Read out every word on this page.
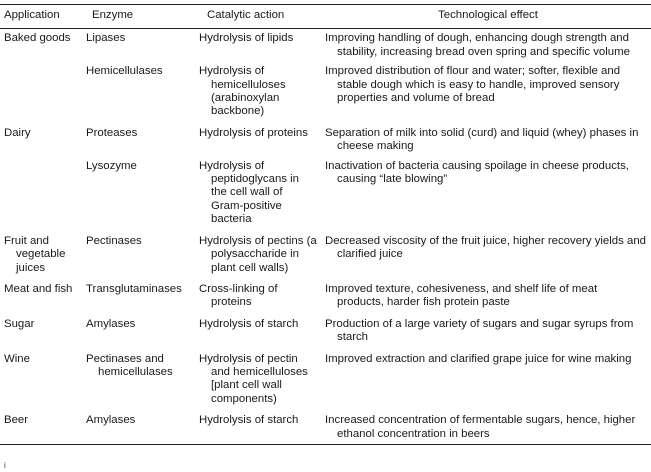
Application	Enzyme	Catalytic action	Technological effect

Baked goods	Lipases	Hydrolysis of lipids	Improving handling of dough, enhancing dough strength and stability, increasing bread oven spring and specific volume

	Hemicellulases	Hydrolysis of hemicelluloses (arabinoxylan backbone)	Improved distribution of flour and water; softer, flexible and stable dough which is easy to handle, improved sensory properties and volume of bread

Dairy	Proteases	Hydrolysis of proteins	Separation of milk into solid (curd) and liquid (whey) phases in cheese making

	Lysozyme	Hydrolysis of peptidoglycans in the cell wall of Gram-positive bacteria	Inactivation of bacteria causing spoilage in cheese products, causing “late blowing”

Fruit and vegetable juices	Pectinases	Hydrolysis of pectins (a polysaccharide in plant cell walls)	Decreased viscosity of the fruit juice, higher recovery yields and clarified juice

Meat and fish	Transglutaminases	Cross-linking of proteins	Improved texture, cohesiveness, and shelf life of meat products, harder fish protein paste

Sugar	Amylases	Hydrolysis of starch	Production of a large variety of sugars and sugar syrups from starch

Wine	Pectinases and hemicellulases	Hydrolysis of pectin and hemicelluloses [plant cell wall components)	Improved extraction and clarified grape juice for wine making

Beer	Amylases	Hydrolysis of starch	Increased concentration of fermentable sugars, hence, higher ethanol concentration in beers
i
